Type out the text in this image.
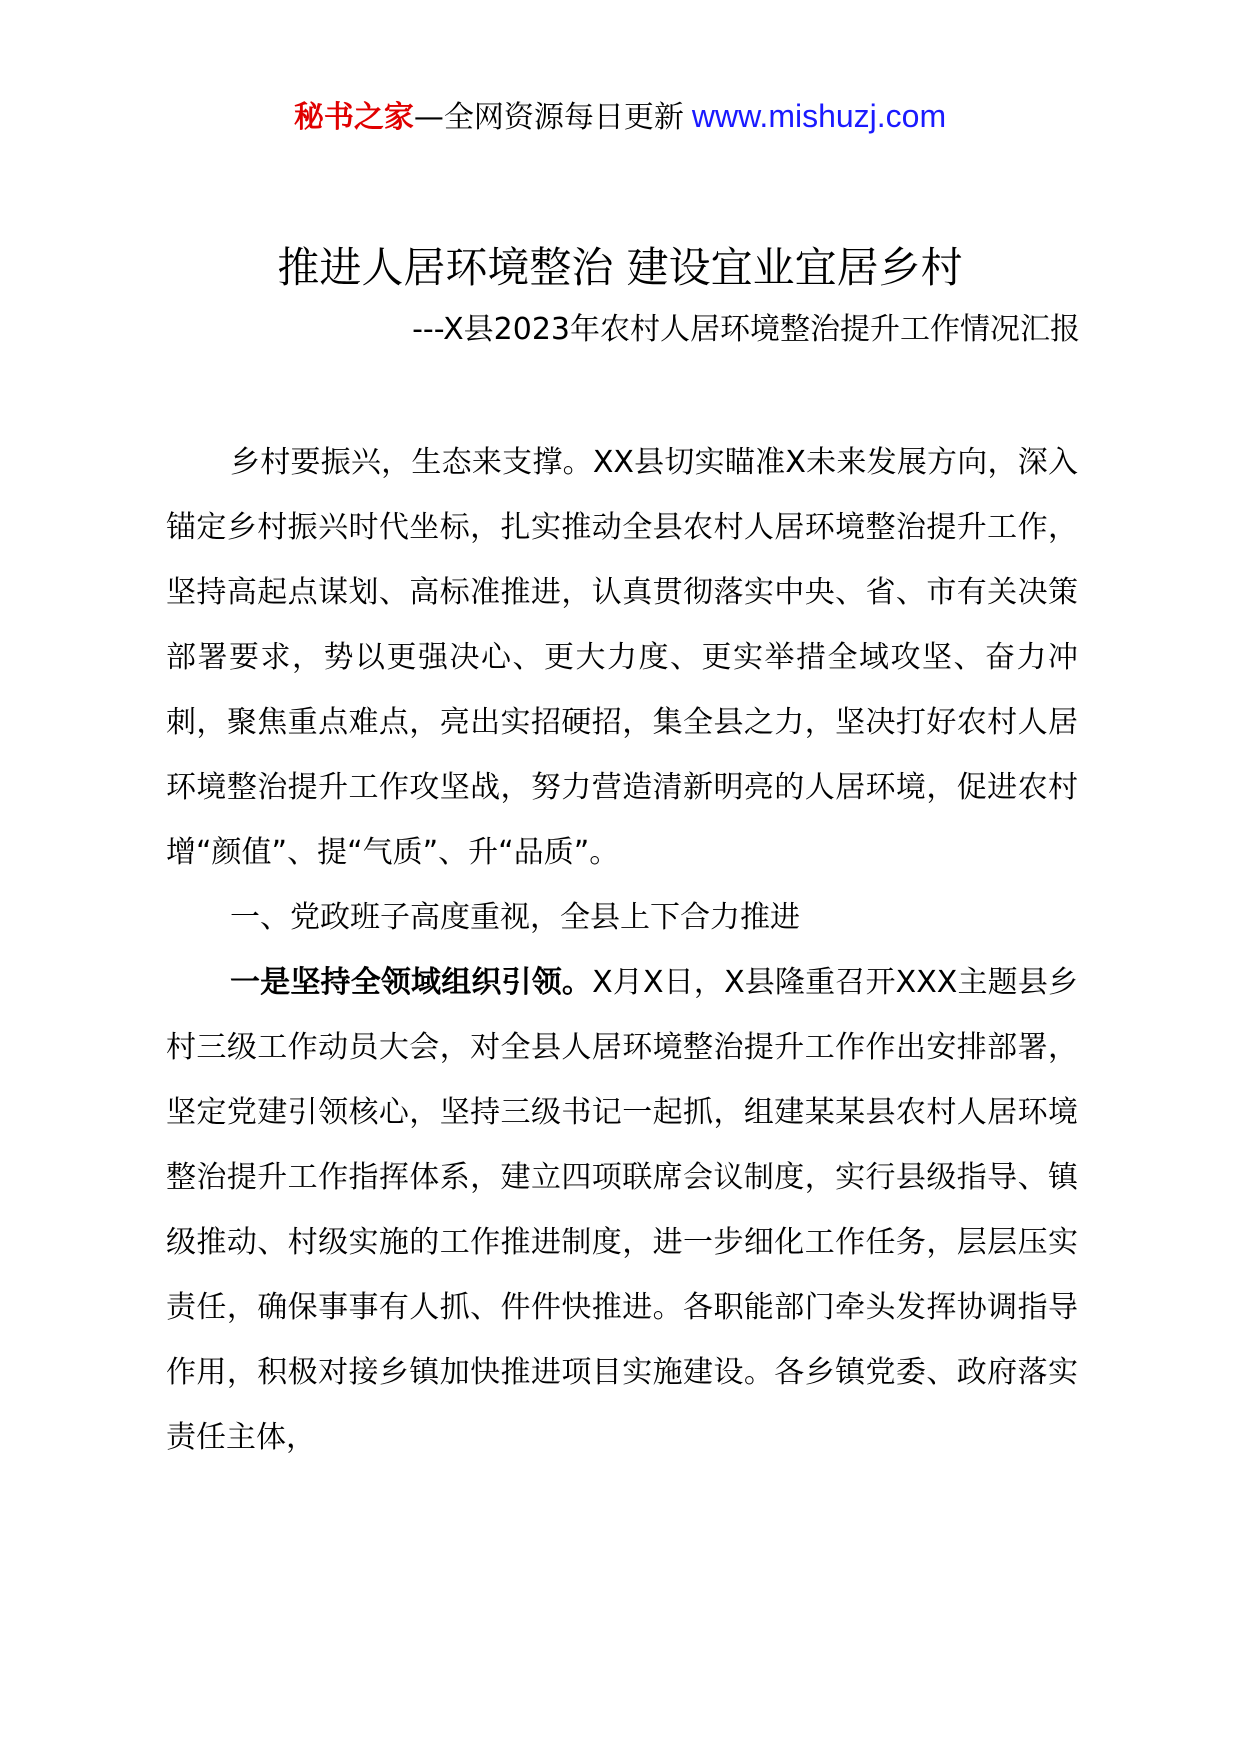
秘书之家—全网资源每日更新 www.mishuzj.com
推进人居环境整治 建设宜业宜居乡村
---X县2023年农村人居环境整治提升工作情况汇报

乡村要振兴，生态来支撑。XX县切实瞄准X未来发展方向，深入锚定乡村振兴时代坐标，扎实推动全县农村人居环境整治提升工作，坚持高起点谋划、高标准推进，认真贯彻落实中央、省、市有关决策部署要求，势以更强决心、更大力度、更实举措全域攻坚、奋力冲刺，聚焦重点难点，亮出实招硬招，集全县之力，坚决打好农村人居环境整治提升工作攻坚战，努力营造清新明亮的人居环境，促进农村增“颜值”、提“气质”、升“品质”。

一、党政班子高度重视，全县上下合力推进

一是坚持全领域组织引领。X月X日，X县隆重召开XXX主题县乡村三级工作动员大会，对全县人居环境整治提升工作作出安排部署，坚定党建引领核心，坚持三级书记一起抓，组建某某县农村人居环境整治提升工作指挥体系，建立四项联席会议制度，实行县级指导、镇级推动、村级实施的工作推进制度，进一步细化工作任务，层层压实责任，确保事事有人抓、件件快推进。各职能部门牵头发挥协调指导作用，积极对接乡镇加快推进项目实施建设。各乡镇党委、政府落实责任主体，
